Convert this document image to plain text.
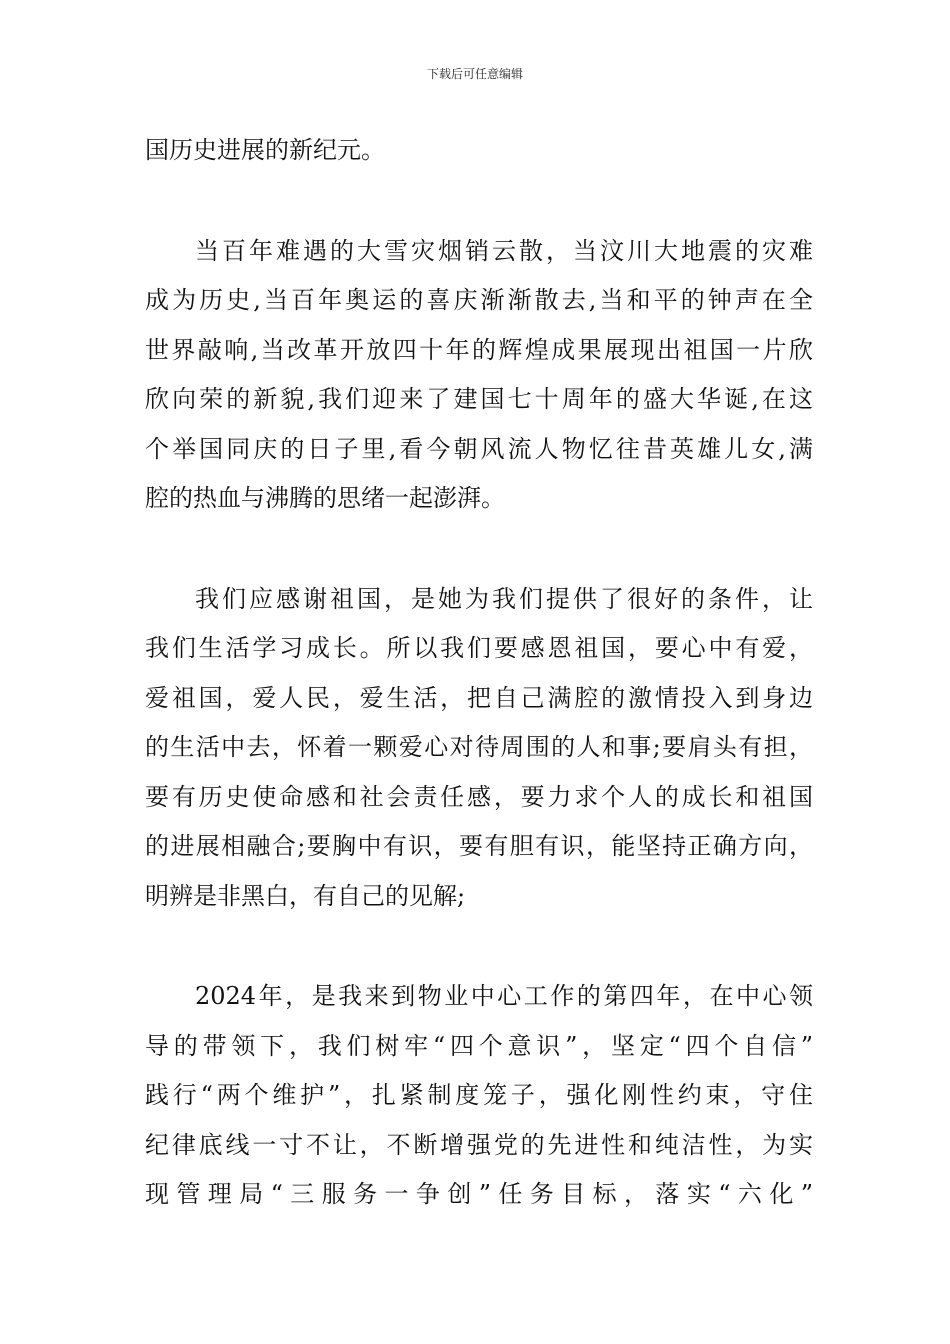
下载后可任意编辑
国历史进展的新纪元。
当百年难遇的大雪灾烟销云散，当汶川大地震的灾难
成为历史,当百年奥运的喜庆渐渐散去,当和平的钟声在全
世界敲响,当改革开放四十年的辉煌成果展现出祖国一片欣
欣向荣的新貌,我们迎来了建国七十周年的盛大华诞,在这
个举国同庆的日子里,看今朝风流人物忆往昔英雄儿女,满
腔的热血与沸腾的思绪一起澎湃。
我们应感谢祖国，是她为我们提供了很好的条件，让
我们生活学习成长。所以我们要感恩祖国，要心中有爱，
爱祖国，爱人民，爱生活，把自己满腔的激情投入到身边
的生活中去，怀着一颗爱心对待周围的人和事;要肩头有担，
要有历史使命感和社会责任感，要力求个人的成长和祖国
的进展相融合;要胸中有识，要有胆有识，能坚持正确方向，
明辨是非黑白，有自己的见解;
2024年，是我来到物业中心工作的第四年，在中心领
导的带领下，我们树牢“四个意识”，坚定“四个自信”
践行“两个维护”，扎紧制度笼子，强化刚性约束，守住
纪律底线一寸不让，不断增强党的先进性和纯洁性，为实
现管理局“三服务一争创”任务目标，落实“六化”
